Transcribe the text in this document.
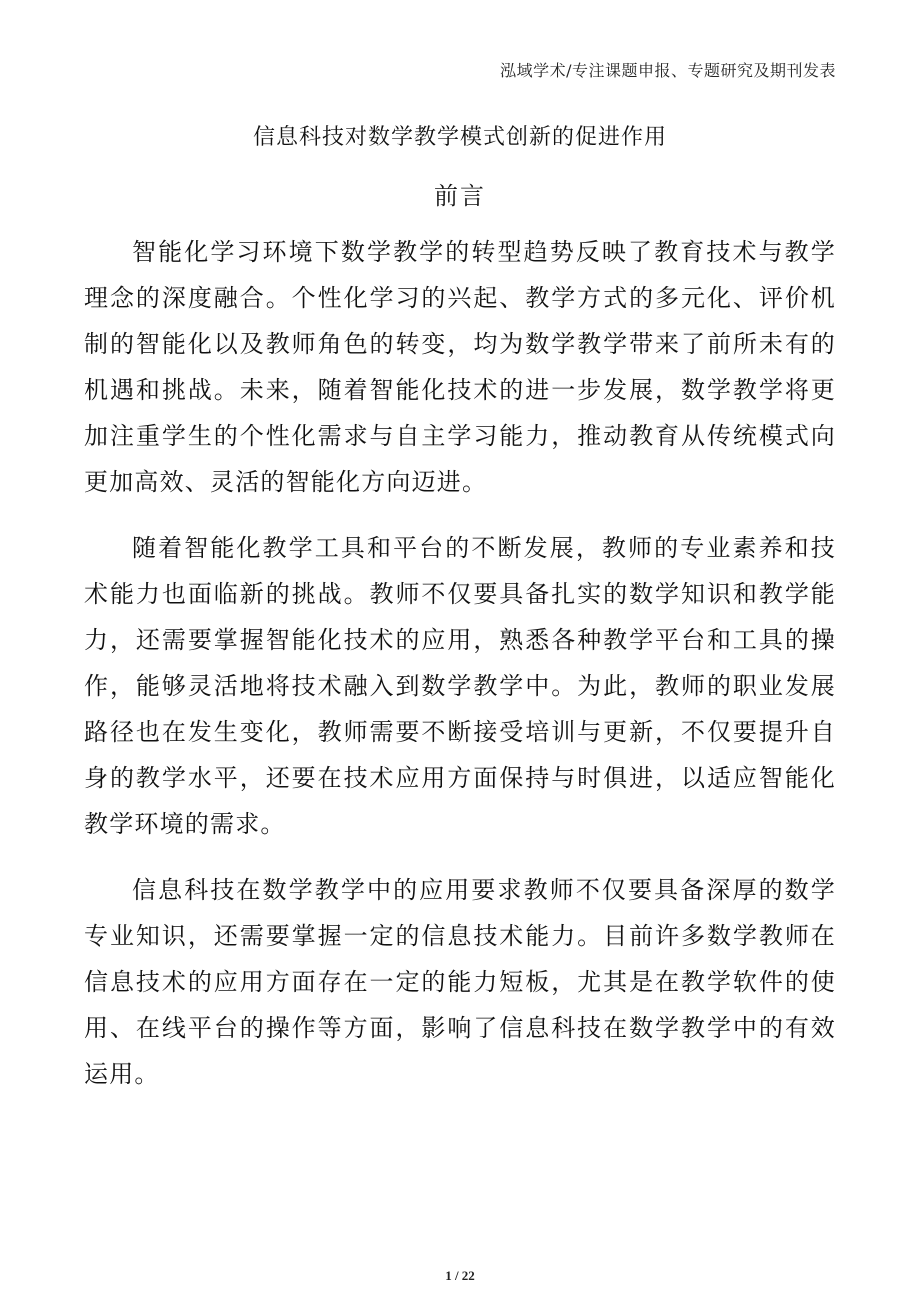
泓域学术/专注课题申报、专题研究及期刊发表
信息科技对数学教学模式创新的促进作用
前言

智能化学习环境下数学教学的转型趋势反映了教育技术与教学理念的深度融合。个性化学习的兴起、教学方式的多元化、评价机制的智能化以及教师角色的转变，均为数学教学带来了前所未有的机遇和挑战。未来，随着智能化技术的进一步发展，数学教学将更加注重学生的个性化需求与自主学习能力，推动教育从传统模式向更加高效、灵活的智能化方向迈进。

随着智能化教学工具和平台的不断发展，教师的专业素养和技术能力也面临新的挑战。教师不仅要具备扎实的数学知识和教学能力，还需要掌握智能化技术的应用，熟悉各种教学平台和工具的操作，能够灵活地将技术融入到数学教学中。为此，教师的职业发展路径也在发生变化，教师需要不断接受培训与更新，不仅要提升自身的教学水平，还要在技术应用方面保持与时俱进，以适应智能化教学环境的需求。

信息科技在数学教学中的应用要求教师不仅要具备深厚的数学专业知识，还需要掌握一定的信息技术能力。目前许多数学教师在信息技术的应用方面存在一定的能力短板，尤其是在教学软件的使用、在线平台的操作等方面，影响了信息科技在数学教学中的有效运用。

1 / 22
